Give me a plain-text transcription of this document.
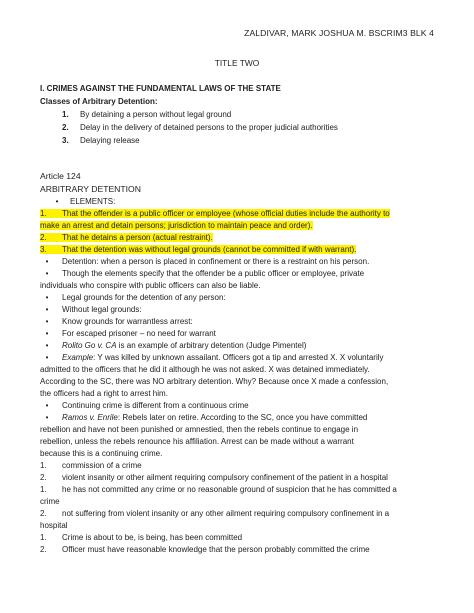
ZALDIVAR, MARK JOSHUA M. BSCRIM3 BLK 4
TITLE TWO
I. CRIMES AGAINST THE FUNDAMENTAL LAWS OF THE STATE
Classes of Arbitrary Detention:
1. By detaining a person without legal ground
2. Delay in the delivery of detained persons to the proper judicial authorities
3. Delaying release
Article 124
ARBITRARY DETENTION
• ELEMENTS:
1. That the offender is a public officer or employee (whose official duties include the authority to
make an arrest and detain persons; jurisdiction to maintain peace and order).
2. That he detains a person (actual restraint).
3. That the detention was without legal grounds (cannot be committed if with warrant).
• Detention: when a person is placed in confinement or there is a restraint on his person.
• Though the elements specify that the offender be a public officer or employee, private
individuals who conspire with public officers can also be liable.
• Legal grounds for the detention of any person:
• Without legal grounds:
• Know grounds for warrantless arrest:
• For escaped prisoner – no need for warrant
• Rolito Go v. CA is an example of arbitrary detention (Judge Pimentel)
• Example: Y was killed by unknown assailant. Officers got a tip and arrested X. X voluntarily
admitted to the officers that he did it although he was not asked. X was detained immediately.
According to the SC, there was NO arbitrary detention. Why? Because once X made a confession,
the officers had a right to arrest him.
• Continuing crime is different from a continuous crime
• Ramos v. Enrile: Rebels later on retire. According to the SC, once you have committed
rebellion and have not been punished or amnestied, then the rebels continue to engage in
rebellion, unless the rebels renounce his affiliation. Arrest can be made without a warrant
because this is a continuing crime.
1. commission of a crime
2. violent insanity or other ailment requiring compulsory confinement of the patient in a hospital
1. he has not committed any crime or no reasonable ground of suspicion that he has committed a
crime
2. not suffering from violent insanity or any other ailment requiring compulsory confinement in a
hospital
1. Crime is about to be, is being, has been committed
2. Officer must have reasonable knowledge that the person probably committed the crime
